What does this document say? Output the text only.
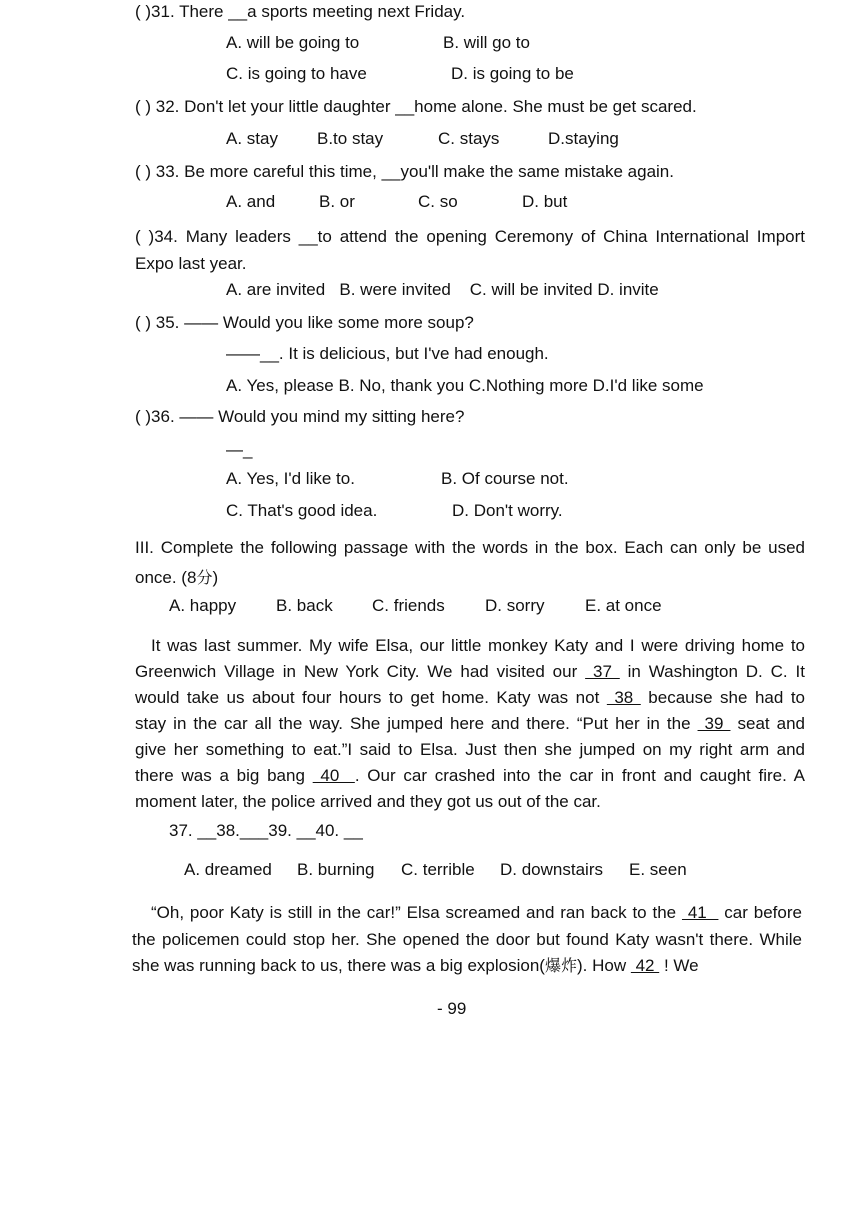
( )31. There __a sports meeting next Friday.
A. will be going to	B. will go to
C. is going to have	D. is going to be
( ) 32. Don't let your little daughter __home alone. She must be get scared.
A. stay B.to stay	C. stays	D.staying
( ) 33. Be more careful this time, __you'll make the same mistake again.
A. and	B. or	C. so	D. but
( )34. Many leaders __to attend the opening Ceremony of China International Import
Expo last year.
A. are invited   B. were invited    C. will be invited D. invite
( ) 35. —— Would you like some more soup?
——__. It is delicious, but I've had enough.
A. Yes, please B. No, thank you C.Nothing more D.I'd like some
( )36. —— Would you mind my sitting here?
—_
A. Yes, I'd like to.	B. Of course not.
C. That's good idea.	D. Don't worry.
III. Complete the following passage with the words in the box. Each can only be used
once. (8分)
A. happy B. back C. friends D. sorry E. at once
It was last summer. My wife Elsa, our little monkey Katy and I were driving home to
Greenwich Village in New York City. We had visited our  37  in Washington D. C. It
would take us about four hours to get home. Katy was not  38  because she had to
stay in the car all the way. She jumped here and there. “Put her in the  39  seat and
give her something to eat.”I said to Elsa. Just then she jumped on my right arm and
there was a big bang  40  . Our car crashed into the car in front and caught fire. A
moment later, the police arrived and they got us out of the car.
37. __38.___39. __40. __
A. dreamed B. burning C. terrible D. downstairs E. seen
“Oh, poor Katy is still in the car!” Elsa screamed and ran back to the  41   car before
the policemen could stop her. She opened the door but found Katy wasn't there. While
she was running back to us, there was a big explosion(爆炸). How  42  ! We
- 99
